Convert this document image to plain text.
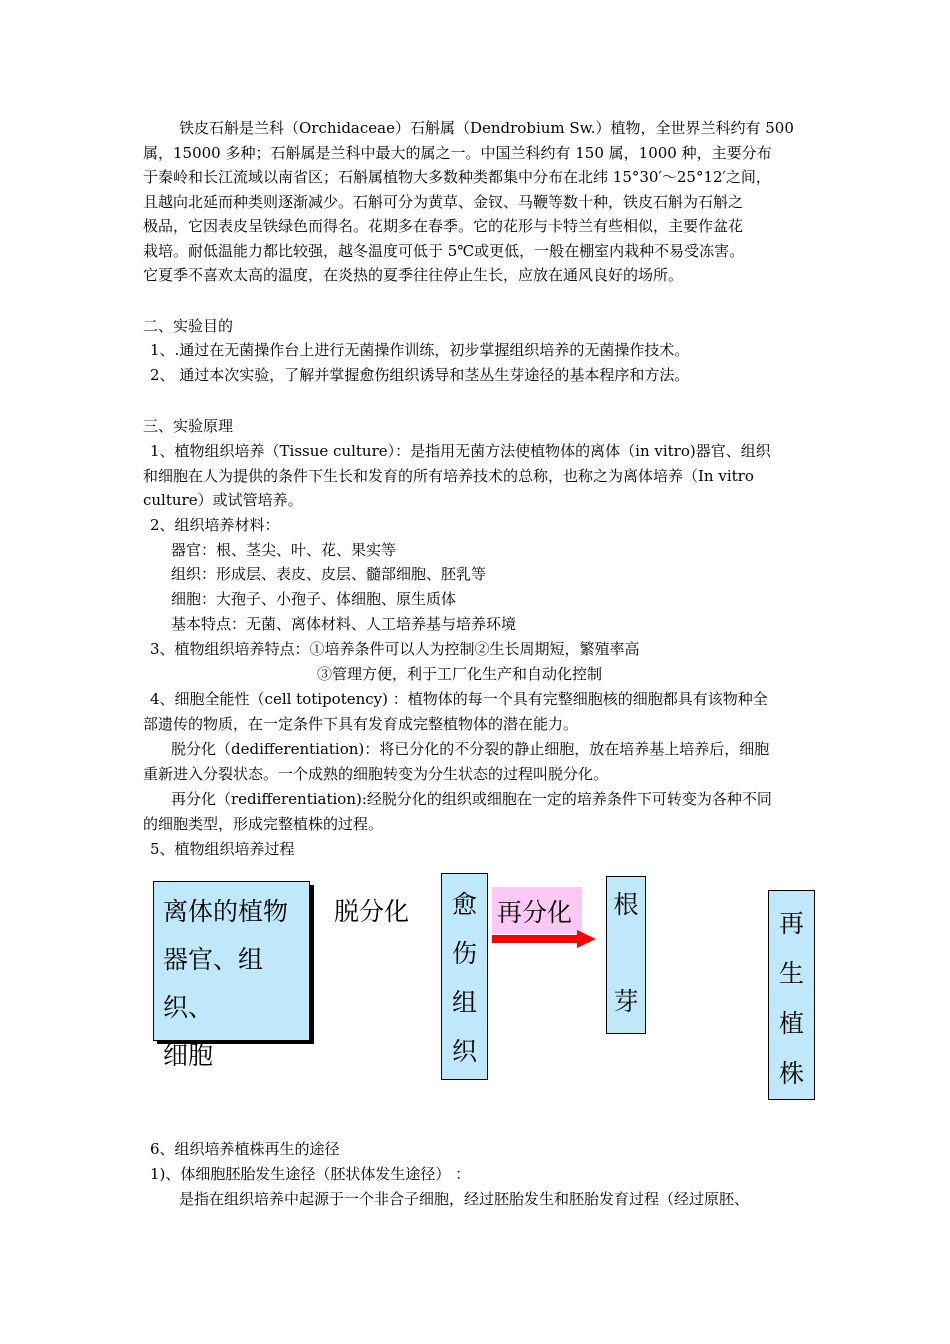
铁皮石斛是兰科（Orchidaceae）石斛属（Dendrobium Sw.）植物，全世界兰科约有 500
属，15000 多种；石斛属是兰科中最大的属之一。中国兰科约有 150 属，1000 种，主要分布
于秦岭和长江流域以南省区；石斛属植物大多数种类都集中分布在北纬 15°30′～25°12′之间，
且越向北延而种类则逐渐减少。石斛可分为黄草、金钗、马鞭等数十种，铁皮石斛为石斛之
极品，它因表皮呈铁绿色而得名。花期多在春季。它的花形与卡特兰有些相似，主要作盆花
栽培。耐低温能力都比较强，越冬温度可低于 5℃或更低，一般在棚室内栽种不易受冻害。
它夏季不喜欢太高的温度，在炎热的夏季往往停止生长，应放在通风良好的场所。
二、实验目的
1、.通过在无菌操作台上进行无菌操作训练，初步掌握组织培养的无菌操作技术。
2、 通过本次实验，了解并掌握愈伤组织诱导和茎丛生芽途径的基本程序和方法。
三、实验原理
1、植物组织培养（Tissue culture）：是指用无菌方法使植物体的离体（in vitro)器官、组织
和细胞在人为提供的条件下生长和发育的所有培养技术的总称，也称之为离体培养（In vitro
culture）或试管培养。
2、组织培养材料：
器官：根、茎尖、叶、花、果实等
组织：形成层、表皮、皮层、髓部细胞、胚乳等
细胞：大孢子、小孢子、体细胞、原生质体
基本特点：无菌、离体材料、人工培养基与培养环境
3、植物组织培养特点：①培养条件可以人为控制②生长周期短，繁殖率高
③管理方便，利于工厂化生产和自动化控制
4、细胞全能性（cell totipotency) ：植物体的每一个具有完整细胞核的细胞都具有该物种全
部遗传的物质，在一定条件下具有发育成完整植物体的潜在能力。
脱分化（dedifferentiation)：将已分化的不分裂的静止细胞，放在培养基上培养后，细胞
重新进入分裂状态。一个成熟的细胞转变为分生状态的过程叫脱分化。
再分化（redifferentiation):经脱分化的组织或细胞在一定的培养条件下可转变为各种不同
的细胞类型，形成完整植株的过程。
5、植物组织培养过程
离体的植物
器官、组织、
细胞
脱分化 愈
伤
组
织
再分化 根
芽
再
生
植
株
6、组织培养植株再生的途径
1)、体细胞胚胎发生途径（胚状体发生途径） ：
是指在组织培养中起源于一个非合子细胞，经过胚胎发生和胚胎发育过程（经过原胚、
